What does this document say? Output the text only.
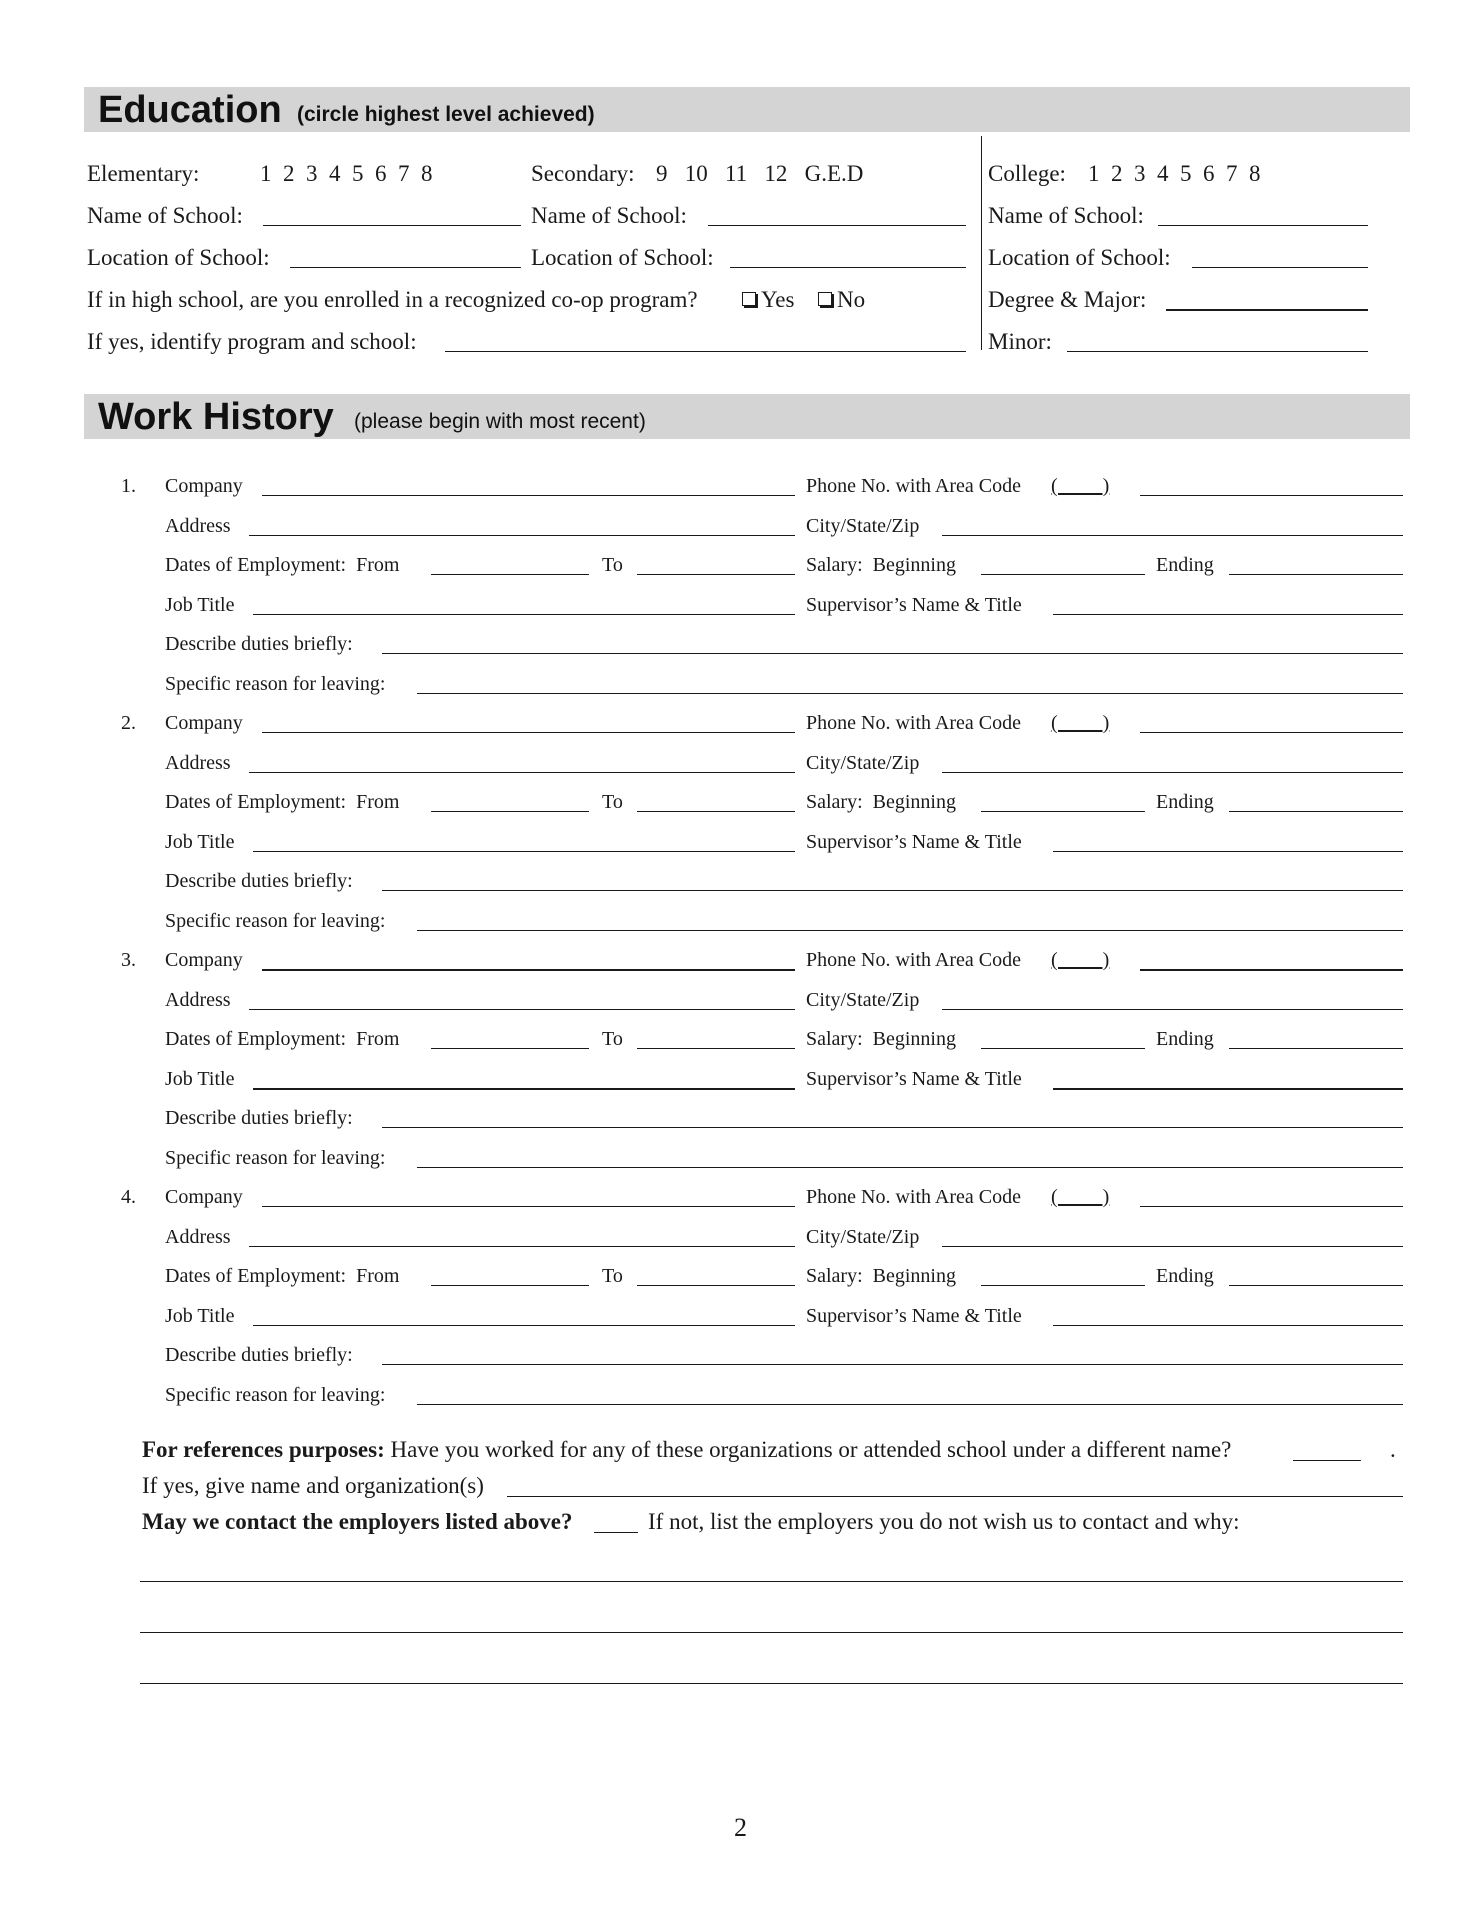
Education (circle highest level achieved)
Elementary:	1  2  3  4  5  6  7  8	Secondary: 9   10   11   12   G.E.D	College: 1  2  3  4  5  6  7  8
Name of School:	Name of School:	Name of School:
Location of School:	Location of School:	Location of School:
If in high school, are you enrolled in a recognized co-op program?	Yes	No	Degree & Major:
If yes, identify program and school:	Minor:
Work History (please begin with most recent)
1. Company	Phone No. with Area Code (         )
Address	City/State/Zip
Dates of Employment:  From	To	Salary:  Beginning	Ending
Job Title	Supervisor’s Name & Title
Describe duties briefly:
Specific reason for leaving:
2. Company	Phone No. with Area Code (         )
Address	City/State/Zip
Dates of Employment:  From	To	Salary:  Beginning	Ending
Job Title	Supervisor’s Name & Title
Describe duties briefly:
Specific reason for leaving:
3. Company	Phone No. with Area Code (         )
Address	City/State/Zip
Dates of Employment:  From	To	Salary:  Beginning	Ending
Job Title	Supervisor’s Name & Title
Describe duties briefly:
Specific reason for leaving:
4. Company	Phone No. with Area Code (         )
Address	City/State/Zip
Dates of Employment:  From	To	Salary:  Beginning	Ending
Job Title	Supervisor’s Name & Title
Describe duties briefly:
Specific reason for leaving:
For references purposes: Have you worked for any of these organizations or attended school under a different name?	.
If yes, give name and organization(s)
May we contact the employers listed above?	If not, list the employers you do not wish us to contact and why:
2
